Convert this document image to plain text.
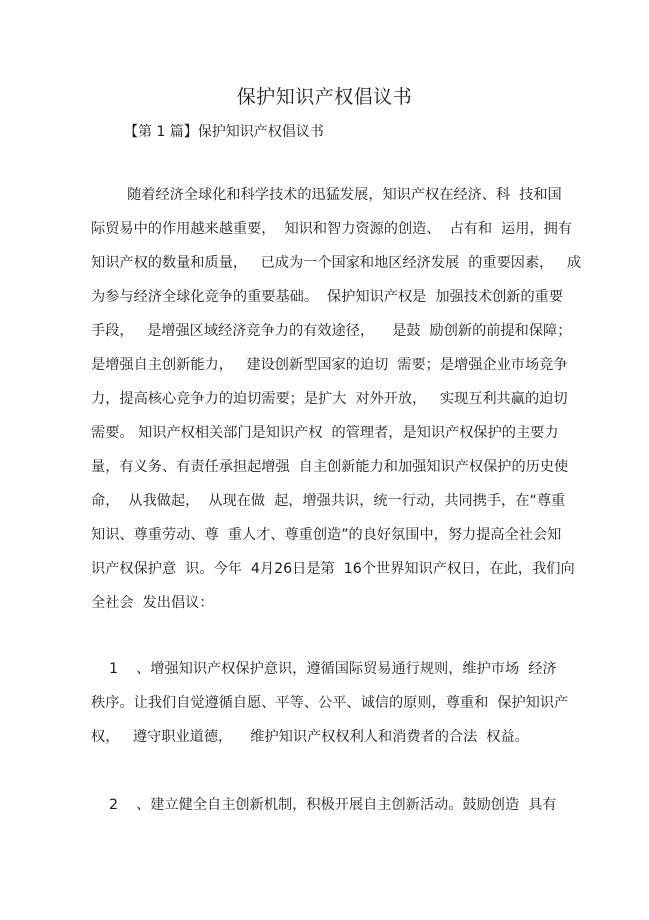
保护知识产权倡议书
【第 1 篇】保护知识产权倡议书
随着经济全球化和科学技术的迅猛发展，知识产权在经济、科  技和国
际贸易中的作用越来越重要，  知识和智力资源的创造、  占有和  运用，拥有
知识产权的数量和质量，   已成为一个国家和地区经济发展  的重要因素，   成
为参与经济全球化竞争的重要基础。  保护知识产权是  加强技术创新的重要
手段，   是增强区域经济竞争力的有效途径，    是鼓  励创新的前提和保障；
是增强自主创新能力，   建设创新型国家的迫切  需要；是增强企业市场竞争
力，提高核心竞争力的迫切需要；是扩大  对外开放，   实现互利共赢的迫切
需要。 知识产权相关部门是知识产权  的管理者，是知识产权保护的主要力
量，有义务、有责任承担起增强  自主创新能力和加强知识产权保护的历史使
命，  从我做起，  从现在做  起，增强共识，统一行动，共同携手，在“尊重
知识、尊重劳动、尊  重人才、尊重创造”的良好氛围中，努力提高全社会知
识产权保护意  识。今年  4月26日是第  16个世界知识产权日，在此，我们向
全社会  发出倡议：
1    、增强知识产权保护意识，遵循国际贸易通行规则，维护市场  经济
秩序。让我们自觉遵循自愿、平等、公平、诚信的原则，尊重和  保护知识产
权，   遵守职业道德，    维护知识产权权利人和消费者的合法  权益。
2    、建立健全自主创新机制，积极开展自主创新活动。鼓励创造  具有
